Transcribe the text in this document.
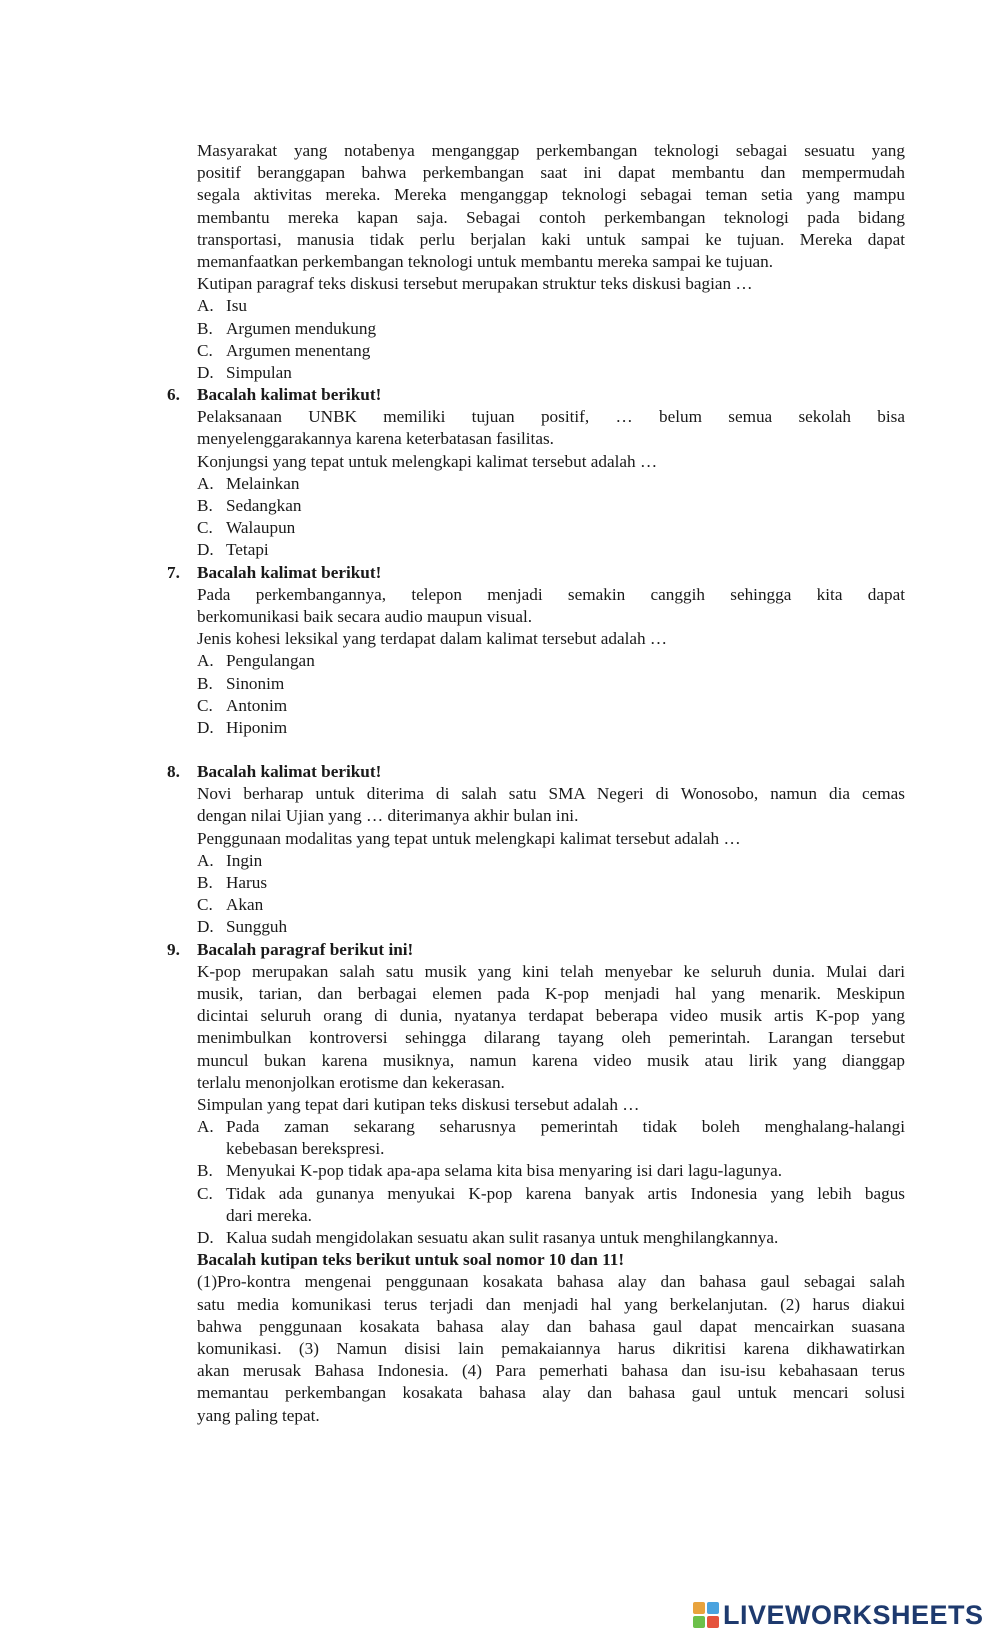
Masyarakat yang notabenya menganggap perkembangan teknologi sebagai sesuatu yang
positif beranggapan bahwa perkembangan saat ini dapat membantu dan mempermudah
segala aktivitas mereka. Mereka menganggap teknologi sebagai teman setia yang mampu
membantu mereka kapan saja. Sebagai contoh perkembangan teknologi pada bidang
transportasi, manusia tidak perlu berjalan kaki untuk sampai ke tujuan. Mereka dapat
memanfaatkan perkembangan teknologi untuk membantu mereka sampai ke tujuan.
Kutipan paragraf teks diskusi tersebut merupakan struktur teks diskusi bagian …
A. Isu
B. Argumen mendukung
C. Argumen menentang
D. Simpulan
6. Bacalah kalimat berikut!
Pelaksanaan UNBK memiliki tujuan positif, … belum semua sekolah bisa
menyelenggarakannya karena keterbatasan fasilitas.
Konjungsi yang tepat untuk melengkapi kalimat tersebut adalah …
A. Melainkan
B. Sedangkan
C. Walaupun
D. Tetapi
7. Bacalah kalimat berikut!
Pada perkembangannya, telepon menjadi semakin canggih sehingga kita dapat
berkomunikasi baik secara audio maupun visual.
Jenis kohesi leksikal yang terdapat dalam kalimat tersebut adalah …
A. Pengulangan
B. Sinonim
C. Antonim
D. Hiponim
8. Bacalah kalimat berikut!
Novi berharap untuk diterima di salah satu SMA Negeri di Wonosobo, namun dia cemas
dengan nilai Ujian yang … diterimanya akhir bulan ini.
Penggunaan modalitas yang tepat untuk melengkapi kalimat tersebut adalah …
A. Ingin
B. Harus
C. Akan
D. Sungguh
9. Bacalah paragraf berikut ini!
K-pop merupakan salah satu musik yang kini telah menyebar ke seluruh dunia. Mulai dari
musik, tarian, dan berbagai elemen pada K-pop menjadi hal yang menarik. Meskipun
dicintai seluruh orang di dunia, nyatanya terdapat beberapa video musik artis K-pop yang
menimbulkan kontroversi sehingga dilarang tayang oleh pemerintah. Larangan tersebut
muncul bukan karena musiknya, namun karena video musik atau lirik yang dianggap
terlalu menonjolkan erotisme dan kekerasan.
Simpulan yang tepat dari kutipan teks diskusi tersebut adalah …
A. Pada zaman sekarang seharusnya pemerintah tidak boleh menghalang-halangi
kebebasan berekspresi.
B. Menyukai K-pop tidak apa-apa selama kita bisa menyaring isi dari lagu-lagunya.
C. Tidak ada gunanya menyukai K-pop karena banyak artis Indonesia yang lebih bagus
dari mereka.
D. Kalua sudah mengidolakan sesuatu akan sulit rasanya untuk menghilangkannya.
Bacalah kutipan teks berikut untuk soal nomor 10 dan 11!
(1)Pro-kontra mengenai penggunaan kosakata bahasa alay dan bahasa gaul sebagai salah
satu media komunikasi terus terjadi dan menjadi hal yang berkelanjutan. (2) harus diakui
bahwa penggunaan kosakata bahasa alay dan bahasa gaul dapat mencairkan suasana
komunikasi. (3) Namun disisi lain pemakaiannya harus dikritisi karena dikhawatirkan
akan merusak Bahasa Indonesia. (4) Para pemerhati bahasa dan isu-isu kebahasaan terus
memantau perkembangan kosakata bahasa alay dan bahasa gaul untuk mencari solusi
yang paling tepat.
LIVEWORKSHEETS
